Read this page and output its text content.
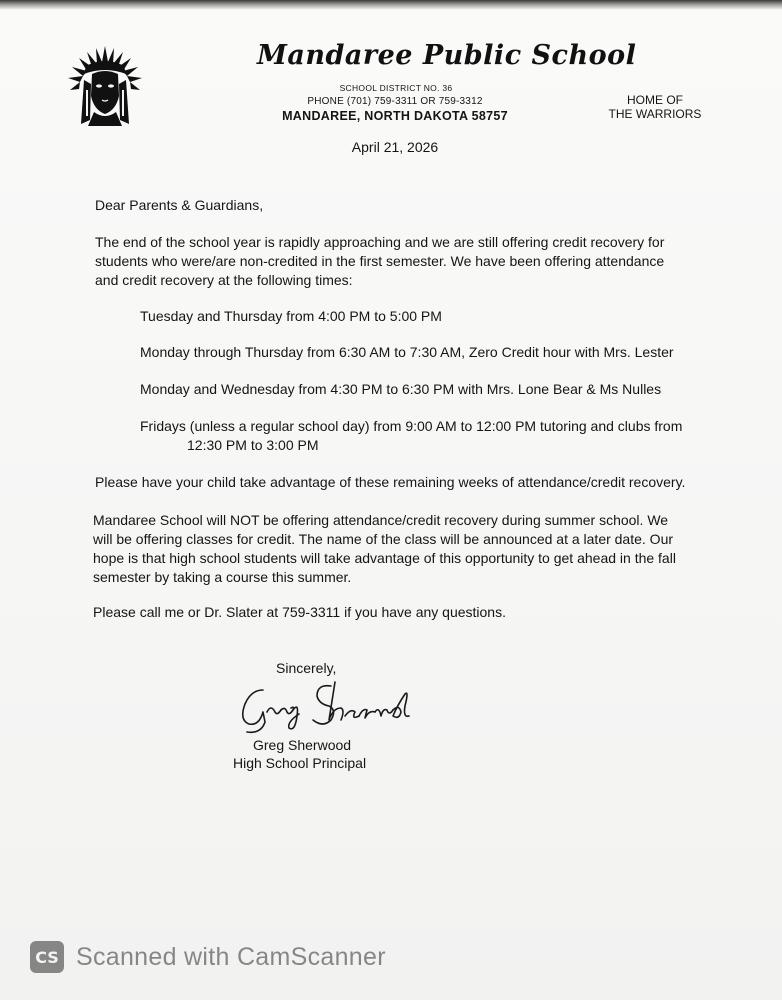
Mandaree Public School
SCHOOL DISTRICT NO. 36
PHONE (701) 759-3311 OR 759-3312
MANDAREE, NORTH DAKOTA 58757
HOME OF
THE WARRIORS
April 21, 2026
Dear Parents & Guardians,
The end of the school year is rapidly approaching and we are still offering credit recovery for
students who were/are non-credited in the first semester. We have been offering attendance
and credit recovery at the following times:
Tuesday and Thursday from 4:00 PM to 5:00 PM
Monday through Thursday from 6:30 AM to 7:30 AM, Zero Credit hour with Mrs. Lester
Monday and Wednesday from 4:30 PM to 6:30 PM with Mrs. Lone Bear & Ms Nulles
Fridays (unless a regular school day) from 9:00 AM to 12:00 PM tutoring and clubs from
12:30 PM to 3:00 PM
Please have your child take advantage of these remaining weeks of attendance/credit recovery.
Mandaree School will NOT be offering attendance/credit recovery during summer school. We
will be offering classes for credit. The name of the class will be announced at a later date. Our
hope is that high school students will take advantage of this opportunity to get ahead in the fall
semester by taking a course this summer.
Please call me or Dr. Slater at 759-3311 if you have any questions.
Sincerely,
Greg Sherwood
High School Principal
CS Scanned with CamScanner
